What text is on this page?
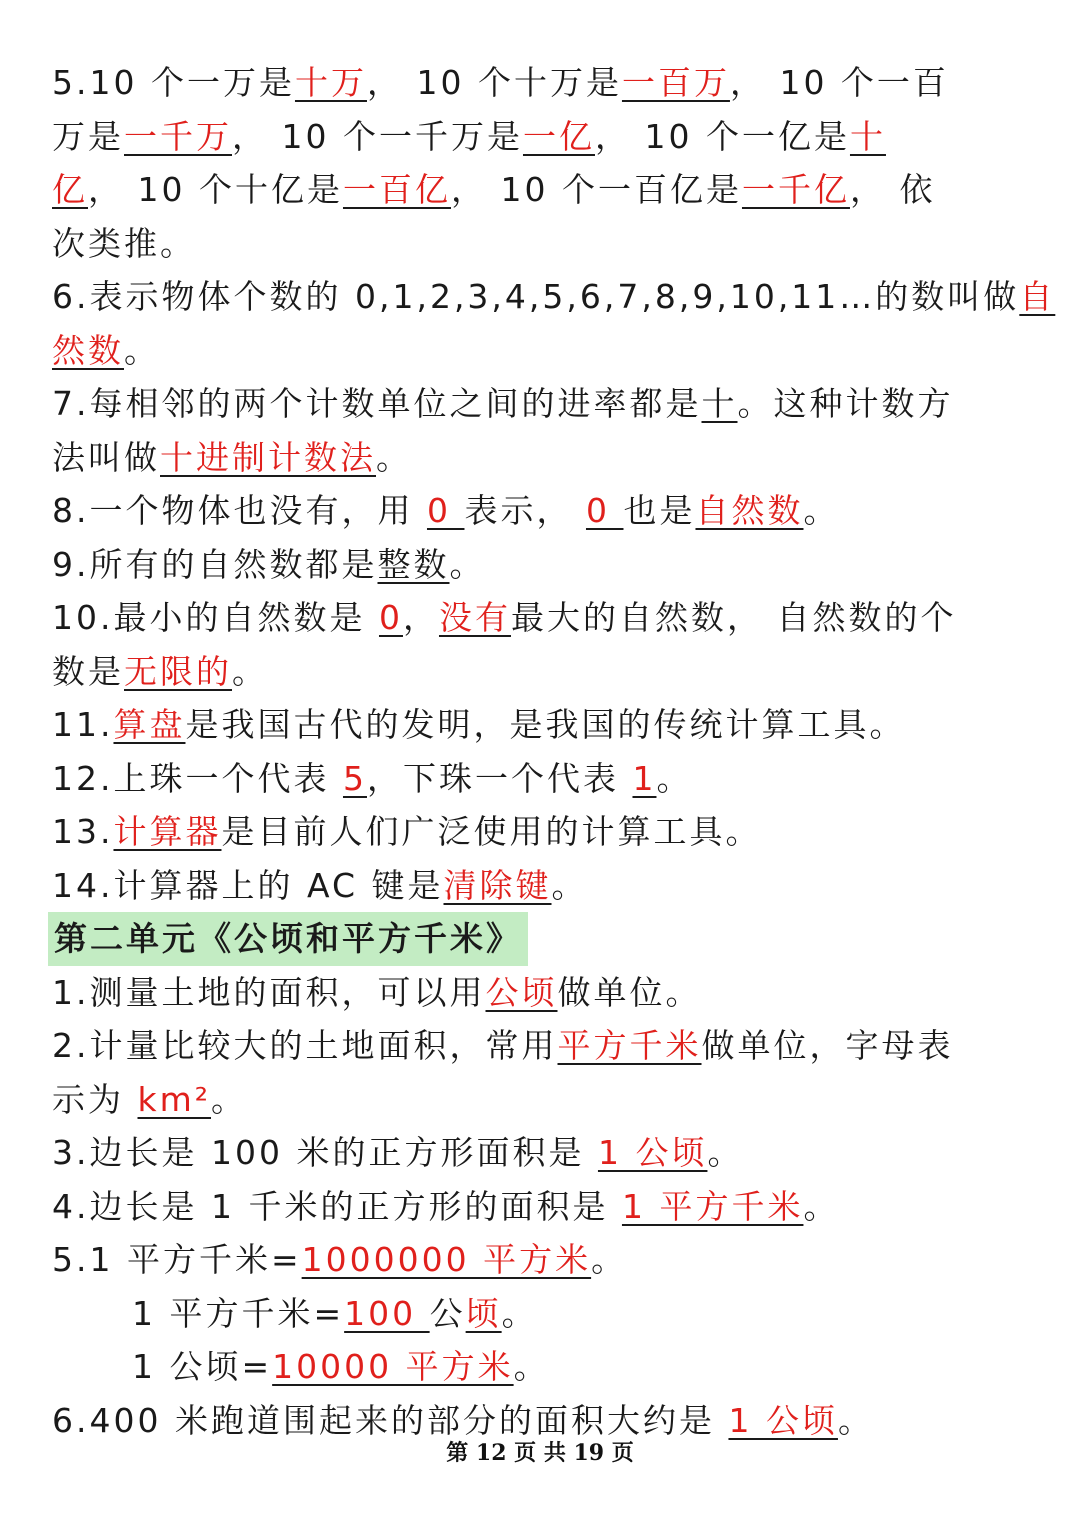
5.10 个一万是十万， 10 个十万是一百万， 10 个一百
万是一千万， 10 个一千万是一亿， 10 个一亿是十
亿， 10 个十亿是一百亿， 10 个一百亿是一千亿， 依
次类推。
6.表示物体个数的 0,1,2,3,4,5,6,7,8,9,10,11…的数叫做自
然数。
7.每相邻的两个计数单位之间的进率都是十。这种计数方
法叫做十进制计数法。
8.一个物体也没有，用 0 表示， 0 也是自然数。
9.所有的自然数都是整数。
10.最小的自然数是 0，没有最大的自然数， 自然数的个
数是无限的。
11.算盘是我国古代的发明，是我国的传统计算工具。
12.上珠一个代表 5，下珠一个代表 1。
13.计算器是目前人们广泛使用的计算工具。
14.计算器上的 AC 键是清除键。
第二单元《公顷和平方千米》
1.测量土地的面积，可以用公顷做单位。
2.计量比较大的土地面积，常用平方千米做单位，字母表
示为 km²。
3.边长是 100 米的正方形面积是 1 公顷。
4.边长是 1 千米的正方形的面积是 1 平方千米。
5.1 平方千米=1000000 平方米。
1 平方千米=100 公顷。
1 公顷=10000 平方米。
6.400 米跑道围起来的部分的面积大约是 1 公顷。
第 12 页 共 19 页
